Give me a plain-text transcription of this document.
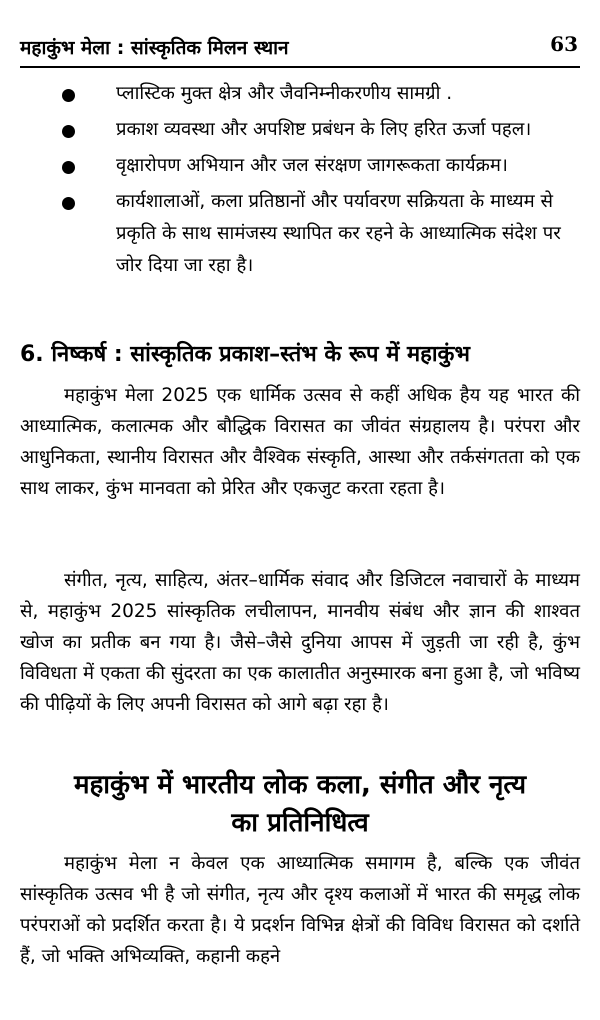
महाकुंभ मेला : सांस्कृतिक मिलन स्थान	63
प्लास्टिक मुक्त क्षेत्र और जैवनिम्नीकरणीय सामग्री .
प्रकाश व्यवस्था और अपशिष्ट प्रबंधन के लिए हरित ऊर्जा पहल।
वृक्षारोपण अभियान और जल संरक्षण जागरूकता कार्यक्रम।
कार्यशालाओं, कला प्रतिष्ठानों और पर्यावरण सक्रियता के माध्यम से प्रकृति के साथ सामंजस्य स्थापित कर रहने के आध्यात्मिक संदेश पर जोर दिया जा रहा है।
6. निष्कर्ष : सांस्कृतिक प्रकाश–स्तंभ के रूप में महाकुंभ

महाकुंभ मेला 2025 एक धार्मिक उत्सव से कहीं अधिक हैय यह भारत की आध्यात्मिक, कलात्मक और बौद्धिक विरासत का जीवंत संग्रहालय है। परंपरा और आधुनिकता, स्थानीय विरासत और वैश्विक संस्कृति, आस्था और तर्कसंगतता को एक साथ लाकर, कुंभ मानवता को प्रेरित और एकजुट करता रहता है।

संगीत, नृत्य, साहित्य, अंतर–धार्मिक संवाद और डिजिटल नवाचारों के माध्यम से, महाकुंभ 2025 सांस्कृतिक लचीलापन, मानवीय संबंध और ज्ञान की शाश्वत खोज का प्रतीक बन गया है। जैसे–जैसे दुनिया आपस में जुड़ती जा रही है, कुंभ विविधता में एकता की सुंदरता का एक कालातीत अनुस्मारक बना हुआ है, जो भविष्य की पीढ़ियों के लिए अपनी विरासत को आगे बढ़ा रहा है।

महाकुंभ में भारतीय लोक कला, संगीत और नृत्य
का प्रतिनिधित्व

महाकुंभ मेला न केवल एक आध्यात्मिक समागम है, बल्कि एक जीवंत सांस्कृतिक उत्सव भी है जो संगीत, नृत्य और दृश्य कलाओं में भारत की समृद्ध लोक परंपराओं को प्रदर्शित करता है। ये प्रदर्शन विभिन्न क्षेत्रों की विविध विरासत को दर्शाते हैं, जो भक्ति अभिव्यक्ति, कहानी कहने
